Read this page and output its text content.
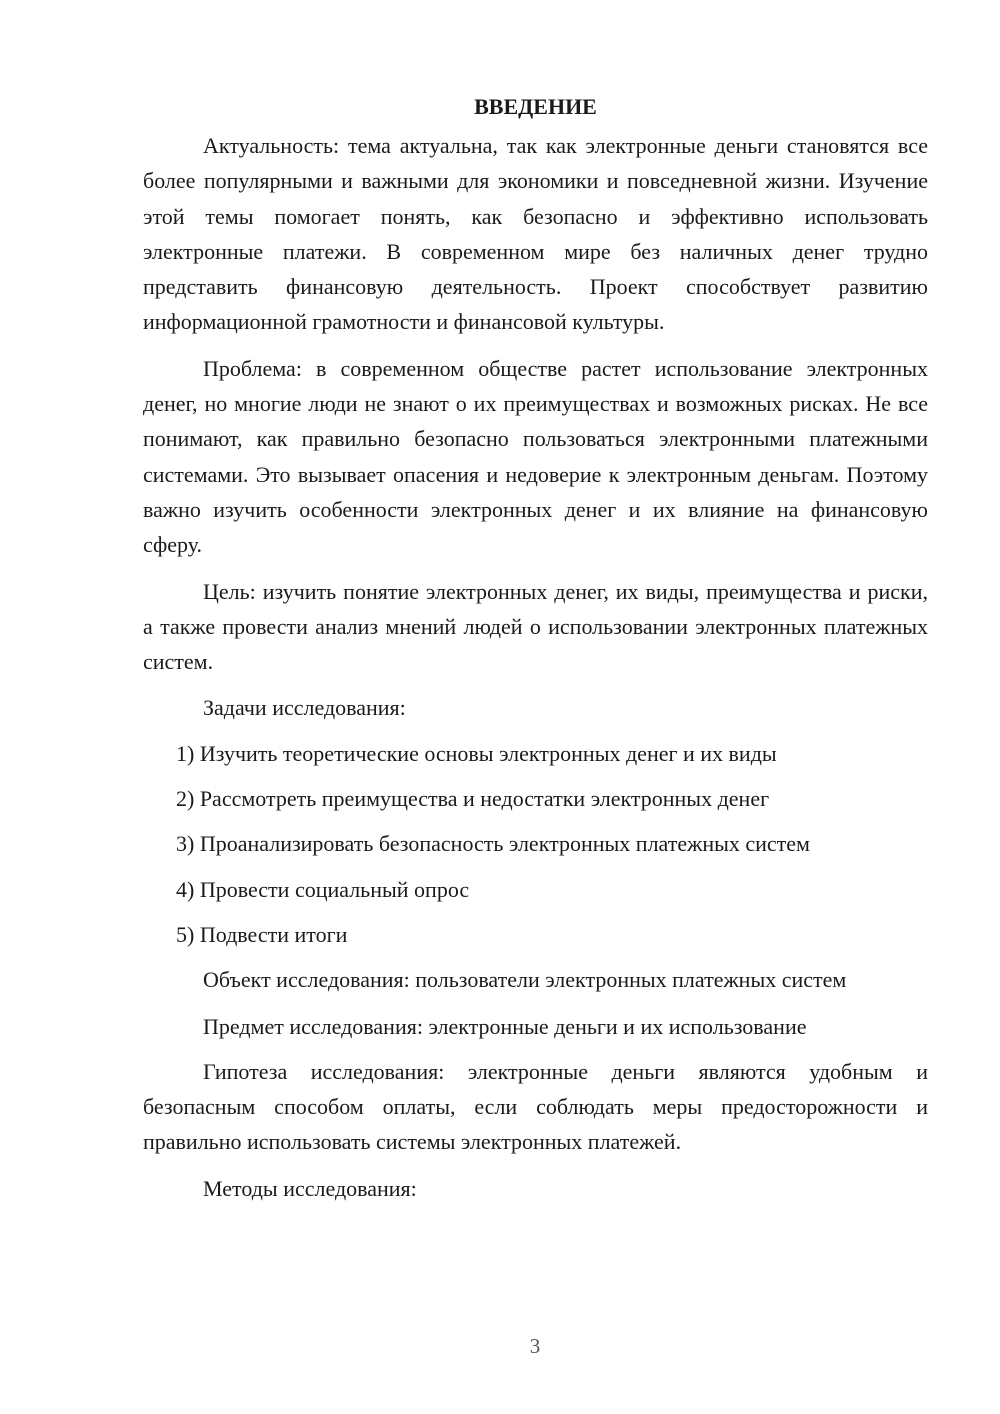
ВВЕДЕНИЕ

Актуальность: тема актуальна, так как электронные деньги становятся все более популярными и важными для экономики и повседневной жизни. Изучение этой темы помогает понять, как безопасно и эффективно использовать электронные платежи. В современном мире без наличных денег трудно представить финансовую деятельность. Проект способствует развитию информационной грамотности и финансовой культуры.

Проблема: в современном обществе растет использование электронных денег, но многие люди не знают о их преимуществах и возможных рисках. Не все понимают, как правильно безопасно пользоваться электронными платежными системами. Это вызывает опасения и недоверие к электронным деньгам. Поэтому важно изучить особенности электронных денег и их влияние на финансовую сферу.

Цель: изучить понятие электронных денег, их виды, преимущества и риски, а также провести анализ мнений людей о использовании электронных платежных систем.

Задачи исследования:

1) Изучить теоретические основы электронных денег и их виды
2) Рассмотреть преимущества и недостатки электронных денег
3) Проанализировать безопасность электронных платежных систем
4) Провести социальный опрос
5) Подвести итоги

Объект исследования: пользователи электронных платежных систем

Предмет исследования: электронные деньги и их использование

Гипотеза исследования: электронные деньги являются удобным и безопасным способом оплаты, если соблюдать меры предосторожности и правильно использовать системы электронных платежей.

Методы исследования:

3
